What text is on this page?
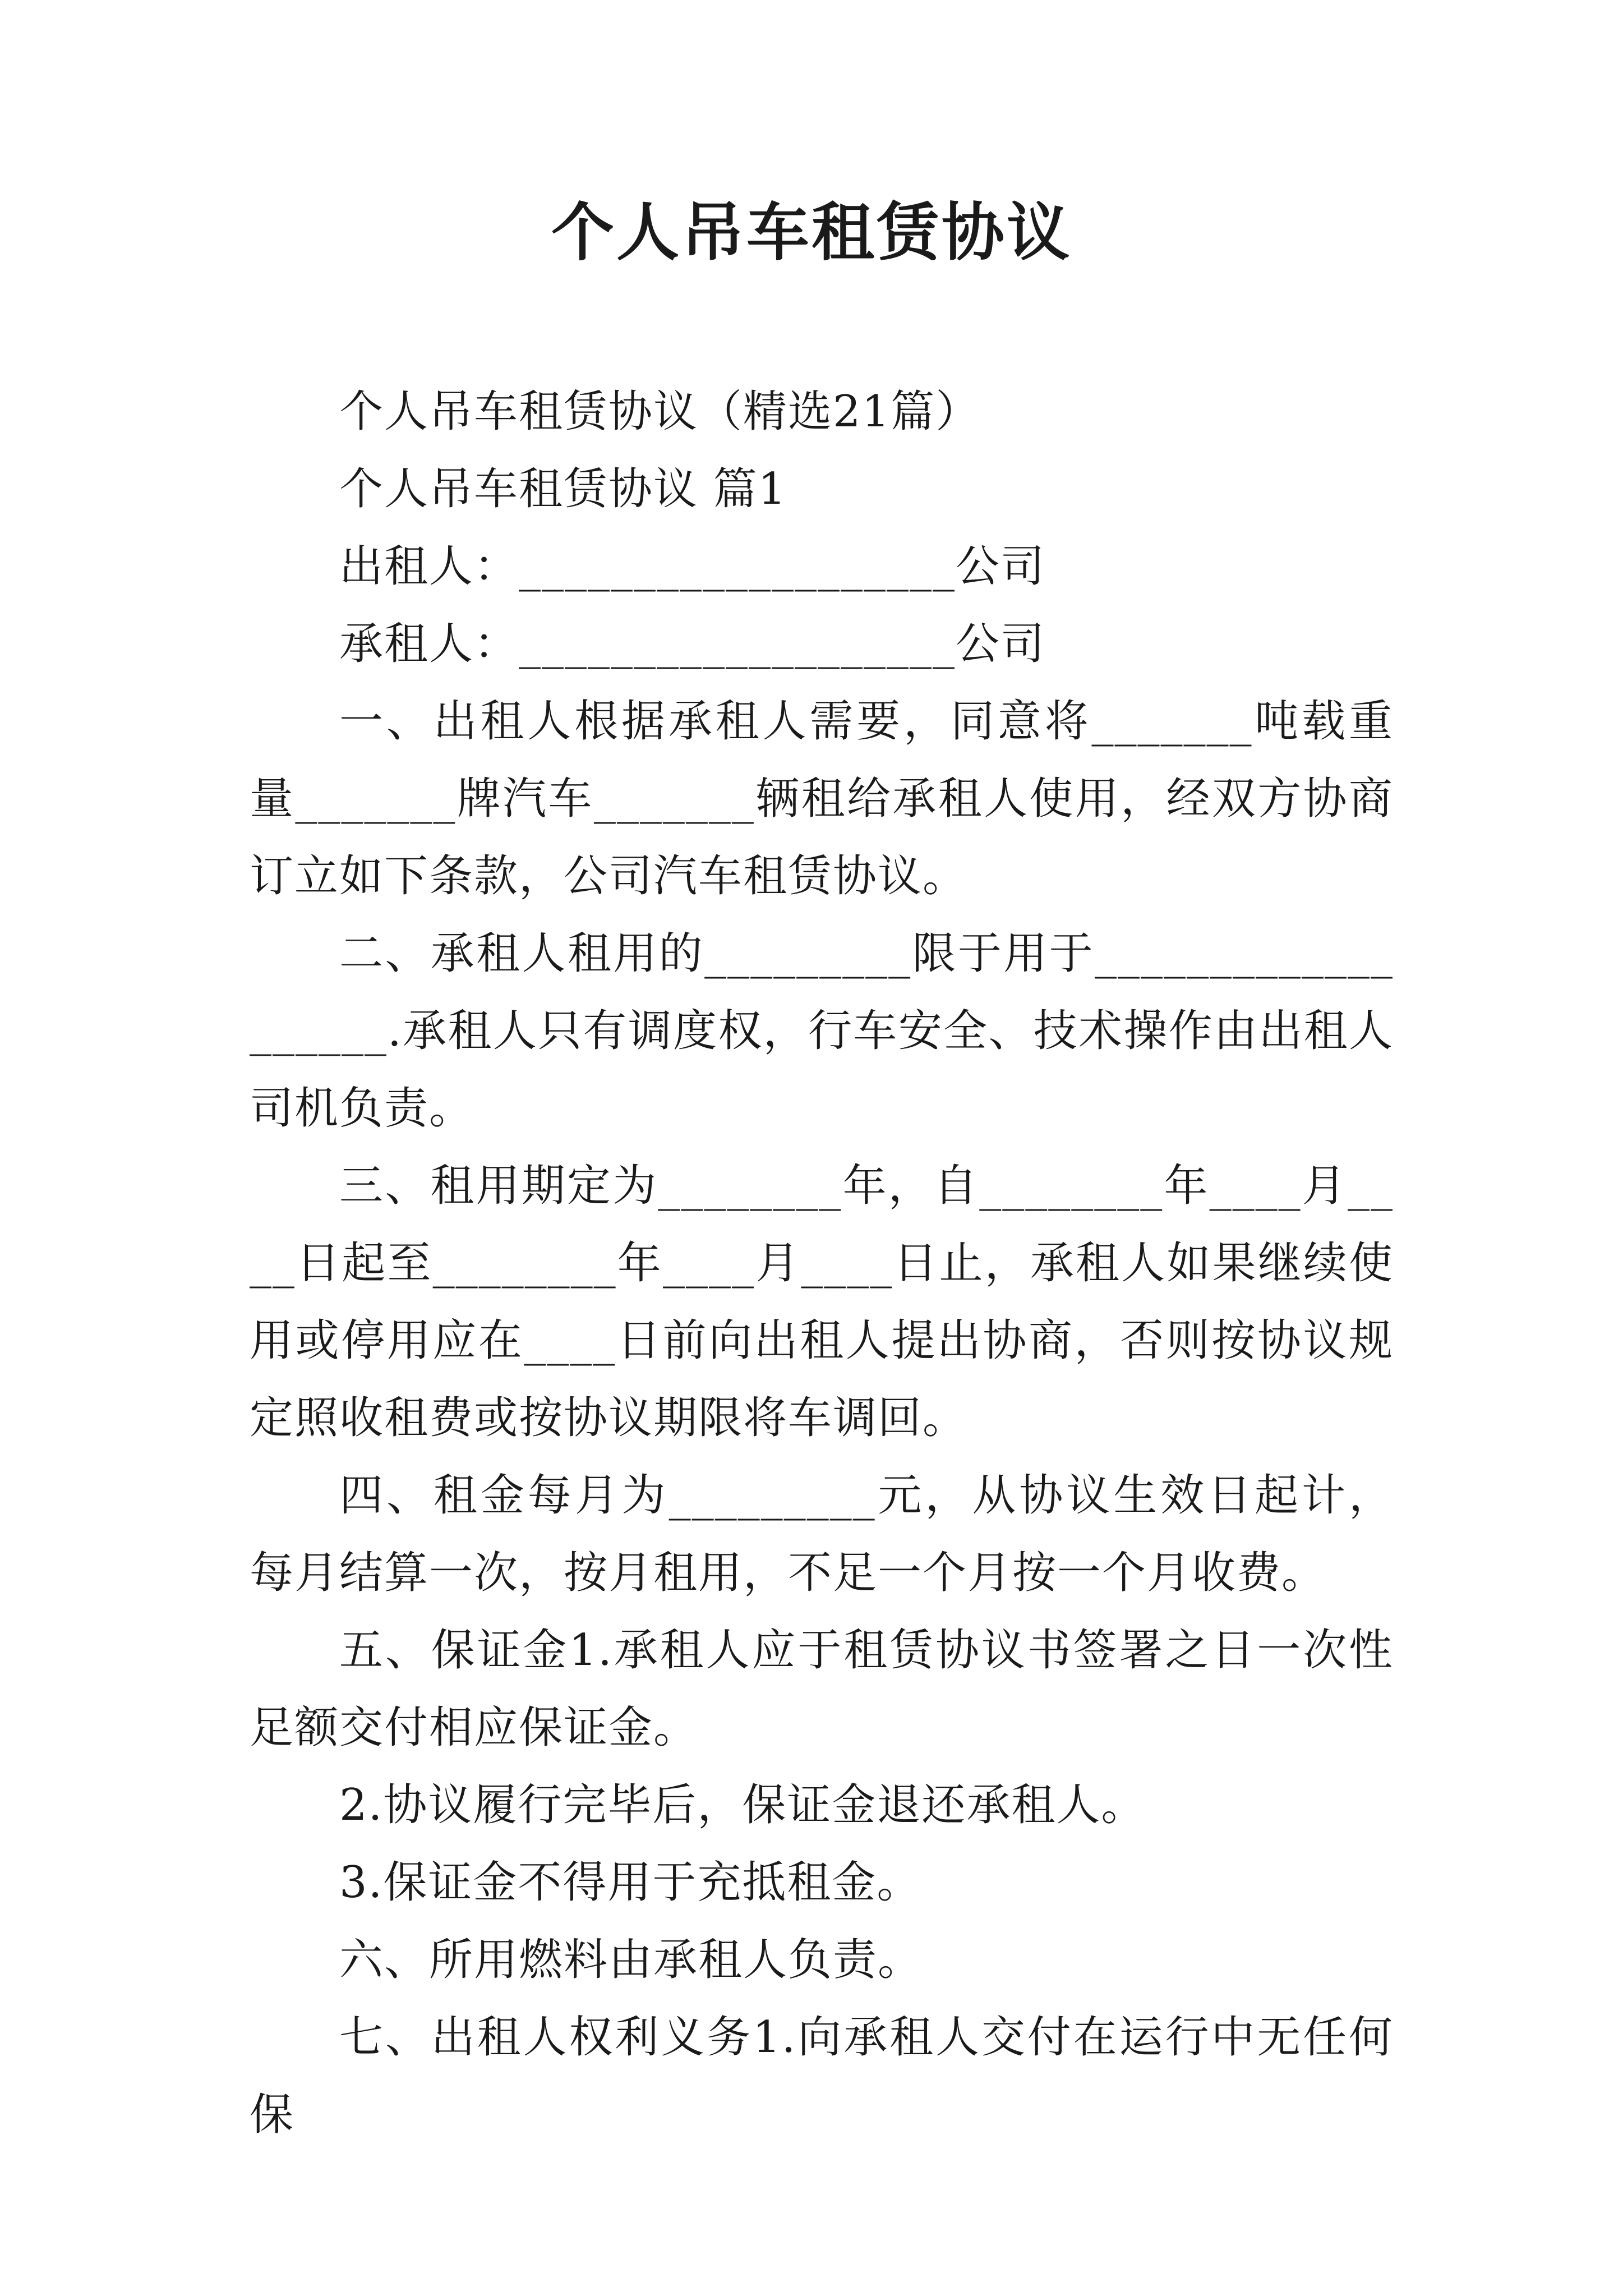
个人吊车租赁协议

个人吊车租赁协议（精选21篇）

个人吊车租赁协议 篇1

出租人：___________________公司

承租人：___________________公司

一、出租人根据承租人需要，同意将_______吨载重量_______牌汽车_______辆租给承租人使用，经双方协商订立如下条款，公司汽车租赁协议。

二、承租人租用的_________限于用于___________________.承租人只有调度权，行车安全、技术操作由出租人司机负责。

三、租用期定为________年，自________年____月____日起至________年____月____日止，承租人如果继续使用或停用应在____日前向出租人提出协商，否则按协议规定照收租费或按协议期限将车调回。

四、租金每月为_________元，从协议生效日起计，每月结算一次，按月租用，不足一个月按一个月收费。

五、保证金1.承租人应于租赁协议书签署之日一次性足额交付相应保证金。

2.协议履行完毕后，保证金退还承租人。

3.保证金不得用于充抵租金。

六、所用燃料由承租人负责。

七、出租人权利义务1.向承租人交付在运行中无任何保
